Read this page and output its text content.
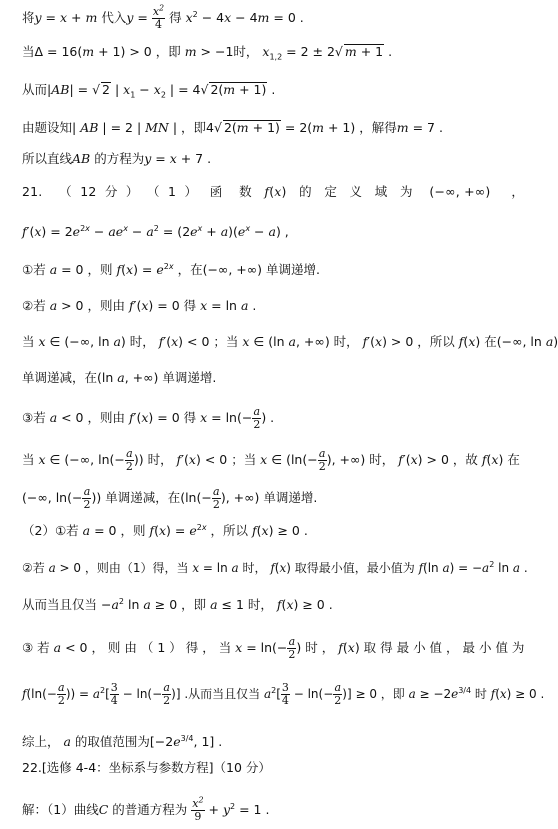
将y = x + m 代入$y = \frac{x^2}{4}$ 得 $x^2 - 4x - 4m = 0$ .
当Δ = 16(m + 1) > 0 ，即 m > −1时， $x_{1,2} = 2 \pm 2√$ m + 1 .
从而|AB| = √ 2 | $x_1 - x_2$ | = 4√ 2(m + 1) .
由题设知| AB | = 2 | MN | ，即4√ 2(m + 1) = 2(m + 1) ，解得m = 7 .
所以直线AB 的方程为y = x + 7 .
21.    （  12  分  ）  （  1  ）   函    数   f(x)   的   定   义   域   为    (−∞, +∞)     ，
$f'(x) = 2e^{2x} - ae^x - a^2 = (2e^x + a)(e^x - a)$ ,
①若 a = 0 ，则 $f(x) = e^{2x}$ ，在(−∞, +∞) 单调递增.
②若 a > 0 ，则由 f′(x) = 0 得 x = ln a .
当 x ∈ (−∞, ln a) 时， f′(x) < 0 ；当 x ∈ (ln a, +∞) 时， f′(x) > 0 ，所以 f(x) 在(−∞, ln a)
单调递减，在(ln a, +∞) 单调递增.
③若 a < 0 ，则由 f′(x) = 0 得 $x = \ln(- \frac{a}{2}$ ) .
当 x ∈ (−∞, $\ln(- \frac{a}{2}$ )) 时， f′(x) < 0 ；当 x ∈ ($\ln(- \frac{a}{2}$ ), +∞) 时， f′(x) > 0 ，故 f(x) 在
(−∞, $\ln(- \frac{a}{2}$ )) 单调递减，在($\ln(- \frac{a}{2}$ ), +∞) 单调递增.
（2）①若 a = 0 ，则 $f(x) = e^{2x}$ ，所以 f(x) ≥ 0 .
②若 a > 0 ，则由（1）得，当 x = ln a 时， f(x) 取得最小值，最小值为 f(ln $a) = -a^2$ ln a .
从而当且仅当 $-a^2$ ln a ≥ 0 ，即 a ≤ 1 时， f(x) ≥ 0 .
③ 若 a < 0 ， 则 由 （ 1 ） 得 ， 当 $x = \ln(- \frac{a}{2}$ ) 时 ， f(x) 取 得 最 小 值 ， 最 小 值 为
$f(\ln(- \frac{a}{2}$ )) = $a^2[ \frac{3}{4} - \ln(- \frac{a}{2}$ )] .从而当且仅当 $a^2[ \frac{3}{4} - \ln(- \frac{a}{2}$ )] ≥ 0 ，即 $a \ge -2e^{3/4}$ 时 f(x) ≥ 0 .
综上， a 的取值范围为[$-2e^{3/4}$, 1] .
22.[选修 4-4：坐标系与参数方程]（10 分）
解：（1）曲线C 的普通方程为 $\frac{x^2}{9} + y^2 = 1$ .
